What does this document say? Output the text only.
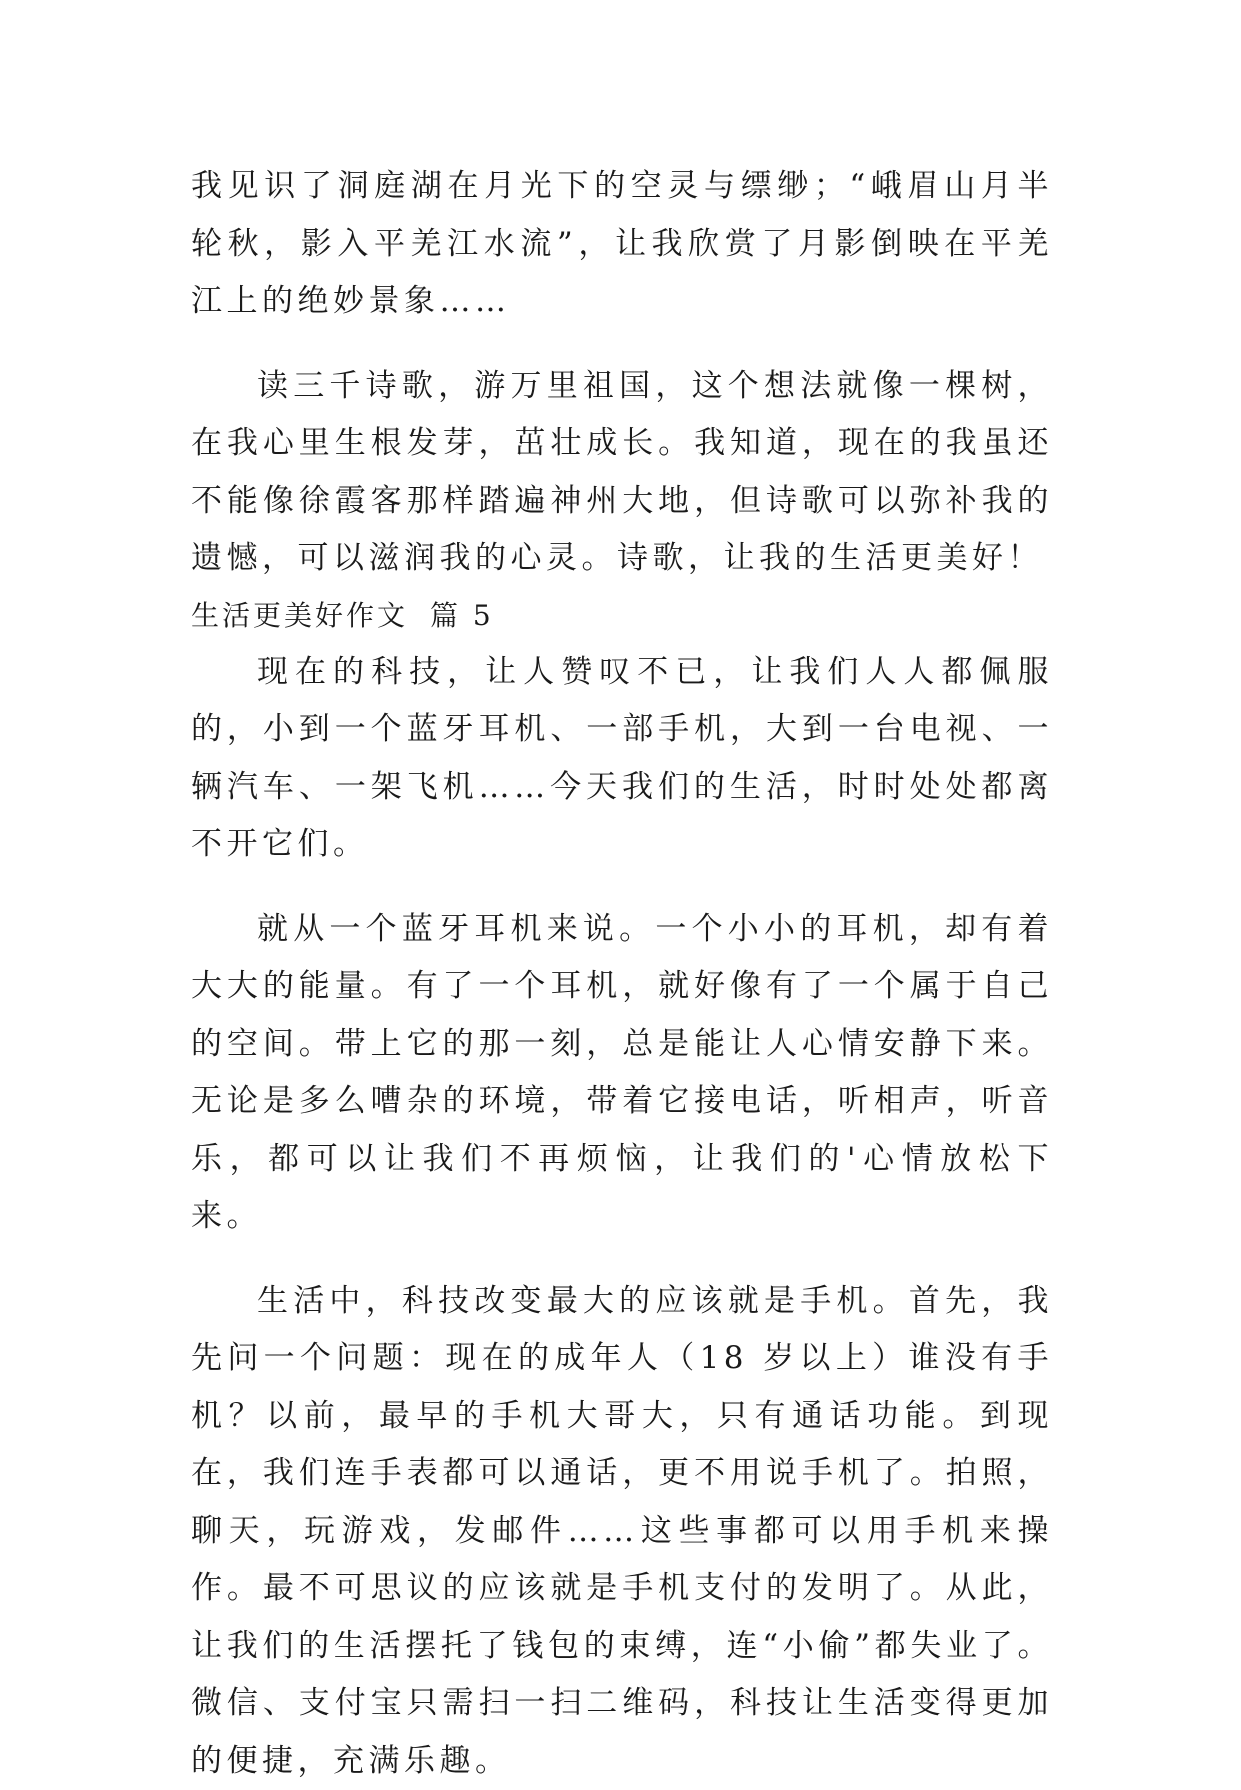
我见识了洞庭湖在月光下的空灵与缥缈；“峨眉山月半轮秋，影入平羌江水流”，让我欣赏了月影倒映在平羌江上的绝妙景象……

读三千诗歌，游万里祖国，这个想法就像一棵树，在我心里生根发芽，茁壮成长。我知道，现在的我虽还不能像徐霞客那样踏遍神州大地，但诗歌可以弥补我的遗憾，可以滋润我的心灵。诗歌，让我的生活更美好！

生活更美好作文 篇 5

现在的科技，让人赞叹不已，让我们人人都佩服的，小到一个蓝牙耳机、一部手机，大到一台电视、一辆汽车、一架飞机……今天我们的生活，时时处处都离不开它们。

就从一个蓝牙耳机来说。一个小小的耳机，却有着大大的能量。有了一个耳机，就好像有了一个属于自己的空间。带上它的那一刻，总是能让人心情安静下来。无论是多么嘈杂的环境，带着它接电话，听相声，听音乐，都可以让我们不再烦恼，让我们的'心情放松下来。

生活中，科技改变最大的应该就是手机。首先，我先问一个问题：现在的成年人（18 岁以上）谁没有手机？以前，最早的手机大哥大，只有通话功能。到现在，我们连手表都可以通话，更不用说手机了。拍照，聊天，玩游戏，发邮件……这些事都可以用手机来操作。最不可思议的应该就是手机支付的发明了。从此，让我们的生活摆托了钱包的束缚，连“小偷”都失业了。微信、支付宝只需扫一扫二维码，科技让生活变得更加的便捷，充满乐趣。
